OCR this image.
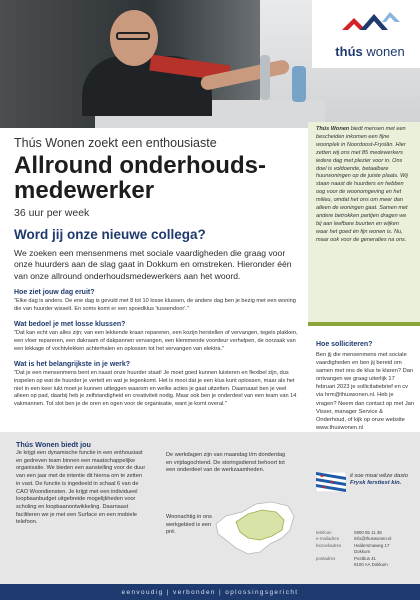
thús wonen
Thús Wonen zoekt een enthousiaste
Allround onderhouds-
medewerker
36 uur per week
Word jij onze nieuwe collega?
We zoeken een mensenmens met sociale vaardigheden die graag voor onze huurders aan de slag gaat in Dokkum en omstreken. Hieronder één van onze allround onderhoudsmedewerkers aan het woord.
Hoe ziet jouw dag eruit?
"Elke dag is anders. De ene dag is gevuld met 8 tot 10 losse klussen, de andere dag ben je bezig met een woning die van huurder wisselt. En soms komt er een spoedklus 'tussendoor'."
Wat bedoel je met losse klussen?
"Dat kan echt van alles zijn; van een lekkende kraan repareren, een kozijn herstellen of vervangen, tegels plakken, een vloer repareren, een dakraam of dakpannen vervangen, een klemmende voordeur verhelpen, de oorzaak van een lekkage of vochtvlekken achterhalen en oplossen tot het vervangen van elektra."
Wat is het belangrijkste in je werk?
"Dat je een mensenmens bent en naast onze huurder staat! Je moet goed kunnen luisteren en flexibel zijn, dus inspelen op wat de huurder je vertelt en wat je tegenkomt. Het is mooi dat je een klus kunt oplossen, maar als het niet in een keer lukt moet je kunnen uitleggen waarom en welke acties je gaat uitzetten. Daarnaast ben je veel alleen op pad, daarbij heb je zelfstandigheid en creativiteit nodig. Maar ook ben je onderdeel van een team van 14 vakmannen. Tot slot ben je de oren en ogen voor de organisatie, want je komt overal."

Thús Wonen biedt mensen met een bescheiden inkomen een fijne woonplek in Noordoost-Fryslân. Hier zetten wij ons met 85 medewerkers iedere dag met plezier voor in. Ons doel is voldoende, betaalbare huurwoningen op de juiste plaats. Wij staan naast de huurders en hebben oog voor de woonomgeving en het milieu, omdat het ons om meer dan alleen de woningen gaat. Samen met andere betrokken partijen dragen we bij aan leefbare buurten en wijken waar het goed én fijn wonen is. Nu, maar ook voor de generaties na ons.

Hoe solliciteren?
Ben jij die mensenmens met sociale vaardigheden en ben jij bereid om samen met ons de klus te klaren? Dan ontvangen we graag uiterlijk 17 februari 2023 je sollicitatiebrief en cv via hrm@thuswonen.nl. Heb je vragen? Neem dan contact op met Jan Visser, manager Service & Onderhoud, of kijk op onze website www.thuswonen.nl
Thús Wonen biedt jou
Je krijgt een dynamische functie in een enthousiast en gedreven team binnen een maatschappelijke organisatie. We bieden een aanstelling voor de duur van een jaar met de intentie dit hierna om te zetten in vast. De functie is ingedeeld in schaal 6 van de CAO Woondiensten. Je krijgt met een individueel loopbaanbudget uitgebreide mogelijkheden voor scholing en loopbaanontwikkeling. Daarnaast faciliteren we je met een Surface en een mobiele telefoon.
De werkdagen zijn van maandag t/m donderdag en vrijdagochtend. De storingsdienst behoort tot een onderdeel van de werkzaamheden.
Woonachtig in ons werkgebied is een pré.
it soe moai wêze dasto
Frysk ferstiest kin.
telefoon	0800 55 11 38
e-mailadres	info@thuswonen.nl
bezoekadres	Haldersmaweg 17
Dokkum
postadres	Postbus 41
9100 AA Dokkum
eenvoudig | verbonden | oplossingsgericht
